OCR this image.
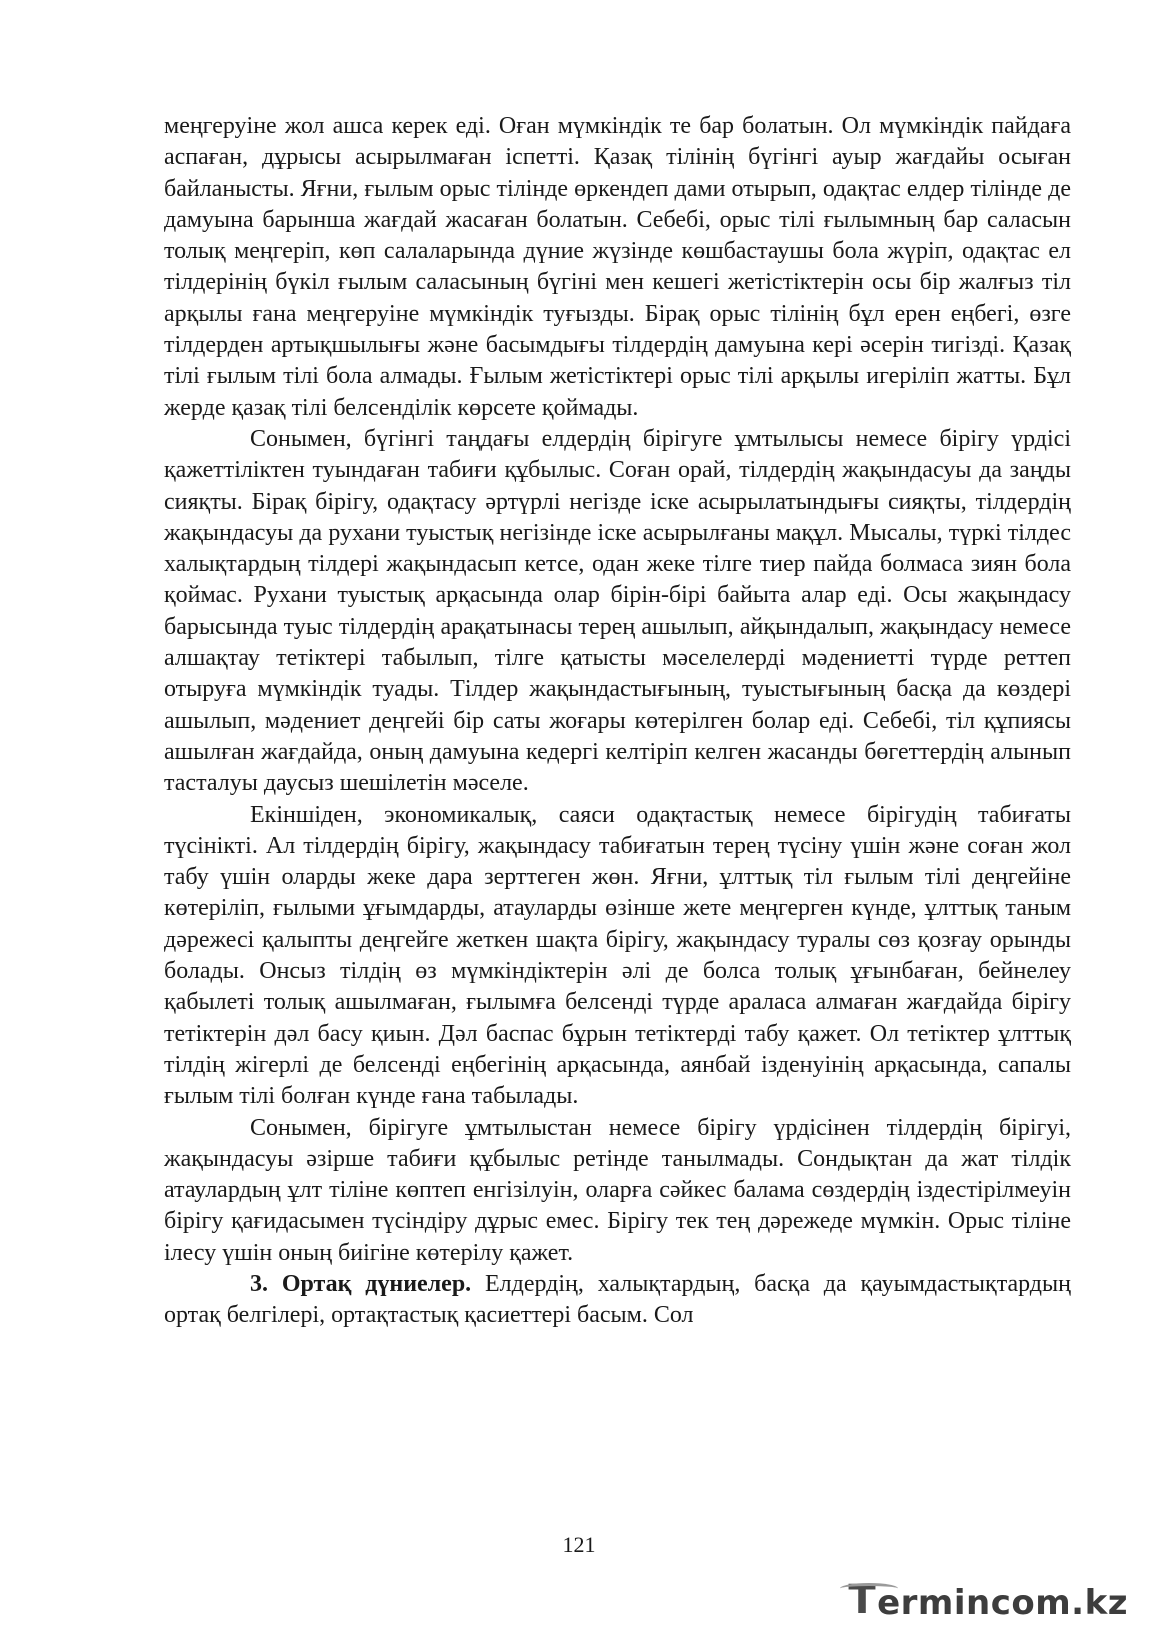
меңгеруіне жол ашса керек еді. Оған мүмкіндік те бар болатын. Ол мүмкіндік пайдаға аспаған, дұрысы асырылмаған іспетті. Қазақ тілінің бүгінгі ауыр жағдайы осыған байланысты. Яғни, ғылым орыс тілінде өркендеп дами отырып, одақтас елдер тілінде де дамуына барынша жағдай жасаған болатын. Себебі, орыс тілі ғылымның бар саласын толық меңгеріп, көп салаларында дүние жүзінде көшбастаушы бола жүріп, одақтас ел тілдерінің бүкіл ғылым саласының бүгіні мен кешегі жетістіктерін осы бір жалғыз тіл арқылы ғана меңгеруіне мүмкіндік туғызды. Бірақ орыс тілінің бұл ерен еңбегі, өзге тілдерден артықшылығы және басымдығы тілдердің дамуына кері әсерін тигізді. Қазақ тілі ғылым тілі бола алмады. Ғылым жетістіктері орыс тілі арқылы игеріліп жатты. Бұл жерде қазақ тілі белсенділік көрсете қоймады.

Сонымен, бүгінгі таңдағы елдердің бірігуге ұмтылысы немесе бірігу үрдісі қажеттіліктен туындаған табиғи құбылыс. Соған орай, тілдердің жақындасуы да заңды сияқты. Бірақ бірігу, одақтасу әртүрлі негізде іске асырылатындығы сияқты, тілдердің жақындасуы да рухани туыстық негізінде іске асырылғаны мақұл. Мысалы, түркі тілдес халықтардың тілдері жақындасып кетсе, одан жеке тілге тиер пайда болмаса зиян бола қоймас. Рухани туыстық арқасында олар бірін-бірі байыта алар еді. Осы жақындасу барысында туыс тілдердің арақатынасы терең ашылып, айқындалып, жақындасу немесе алшақтау тетіктері табылып, тілге қатысты мәселелерді мәдениетті түрде реттеп отыруға мүмкіндік туады. Тілдер жақындастығының, туыстығының басқа да көздері ашылып, мәдениет деңгейі бір саты жоғары көтерілген болар еді. Себебі, тіл құпиясы ашылған жағдайда, оның дамуына кедергі келтіріп келген жасанды бөгеттердің алынып тасталуы даусыз шешілетін мәселе.

Екіншіден, экономикалық, саяси одақтастық немесе бірігудің табиғаты түсінікті. Ал тілдердің бірігу, жақындасу табиғатын терең түсіну үшін және соған жол табу үшін оларды жеке дара зерттеген жөн. Яғни, ұлттық тіл ғылым тілі деңгейіне көтеріліп, ғылыми ұғымдарды, атауларды өзінше жете меңгерген күнде, ұлттық таным дәрежесі қалыпты деңгейге жеткен шақта бірігу, жақындасу туралы сөз қозғау орынды болады. Онсыз тілдің өз мүмкіндіктерін әлі де болса толық ұғынбаған, бейнелеу қабылеті толық ашылмаған, ғылымға белсенді түрде араласа алмаған жағдайда бірігу тетіктерін дәл басу қиын. Дәл баспас бұрын тетіктерді табу қажет. Ол тетіктер ұлттық тілдің жігерлі де белсенді еңбегінің арқасында, аянбай ізденуінің арқасында, сапалы ғылым тілі болған күнде ғана табылады.

Сонымен, бірігуге ұмтылыстан немесе бірігу үрдісінен тілдердің бірігуі, жақындасуы әзірше табиғи құбылыс ретінде танылмады. Сондықтан да жат тілдік атаулардың ұлт тіліне көптеп енгізілуін, оларға сәйкес балама сөздердің іздестірілмеуін бірігу қағидасымен түсіндіру дұрыс емес. Бірігу тек тең дәрежеде мүмкін. Орыс тіліне ілесу үшін оның биігіне көтерілу қажет.

3. Ортақ дүниелер. Елдердің, халықтардың, басқа да қауымдастықтардың ортақ белгілері, ортақтастық қасиеттері басым. Сол

121
T erminc o m.kz
